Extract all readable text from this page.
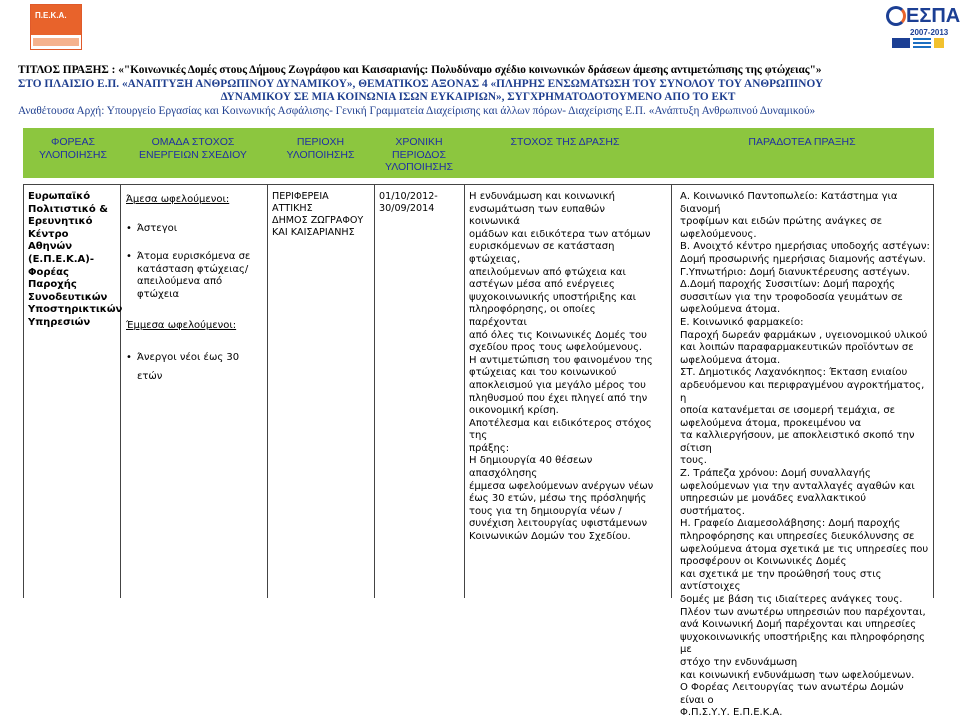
Π.Ε.Κ.Α.	ΕΣΠΑ
2007-2013
ΤΙΤΛΟΣ ΠΡΑΞΗΣ : «"Κοινωνικές Δομές στους Δήμους Ζωγράφου και Καισαριανής: Πολυδύναμο σχέδιο κοινωνικών δράσεων άμεσης αντιμετώπισης της φτώχειας"»
ΣΤΟ ΠΛΑΙΣΙΟ Ε.Π. «ΑΝΑΠΤΥΞΗ ΑΝΘΡΩΠΙΝΟΥ ΔΥΝΑΜΙΚΟΥ», ΘΕΜΑΤΙΚΟΣ ΑΞΟΝΑΣ 4 «ΠΛΗΡΗΣ ΕΝΣΩΜΑΤΩΣΗ ΤΟΥ ΣΥΝΟΛΟΥ ΤΟΥ ΑΝΘΡΩΠΙΝΟΥ
ΔΥΝΑΜΙΚΟΥ ΣΕ ΜΙΑ ΚΟΙΝΩΝΙΑ ΙΣΩΝ ΕΥΚΑΙΡΙΩΝ», ΣΥΓΧΡΗΜΑΤΟΔΟΤΟΥΜΕΝΟ ΑΠΟ ΤΟ ΕΚΤ
Αναθέτουσα Αρχή: Υπουργείο Εργασίας και Κοινωνικής Ασφάλισης- Γενική Γραμματεία Διαχείρισης και άλλων πόρων- Διαχείρισης Ε.Π. «Ανάπτυξη Ανθρωπινού Δυναμικού»
ΦΟΡΕΑΣ
ΥΛΟΠΟΙΗΣΗΣ
ΟΜΑΔΑ ΣΤΟΧΟΣ
ΕΝΕΡΓΕΙΩΝ ΣΧΕΔΙΟΥ
ΠΕΡΙΟΧΗ
ΥΛΟΠΟΙΗΣΗΣ
ΧΡΟΝΙΚΗ
ΠΕΡΙΟΔΟΣ
ΥΛΟΠΟΙΗΣΗΣ
ΣΤΟΧΟΣ ΤΗΣ ΔΡΑΣΗΣ	ΠΑΡΑΔΟΤΕΑ ΠΡΑΞΗΣ
Ευρωπαϊκό
Πολιτιστικό &
Ερευνητικό
Κέντρο Αθηνών
(Ε.Π.Ε.Κ.Α)-
Φορέας
Παροχής
Συνοδευτικών
Υποστηρικτικών
Υπηρεσιών
Άμεσα ωφελούμενοι:
• Άστεγοι
• Άτομα ευρισκόμενα σε κατάσταση φτώχειας/απειλούμενα από φτώχεια
Έμμεσα ωφελούμενοι:
• Άνεργοι νέοι έως 30 ετών
ΠΕΡΙΦΕΡΕΙΑ
ΑΤΤΙΚΗΣ
ΔΗΜΟΣ ΖΩΓΡΑΦΟΥ
ΚΑΙ ΚΑΙΣΑΡΙΑΝΗΣ
01/10/2012-
30/09/2014
Η ενδυνάμωση και κοινωνική
ενσωμάτωση των ευπαθών κοινωνικά
ομάδων και ειδικότερα των ατόμων
ευρισκόμενων σε κατάσταση φτώχειας,
απειλούμενων από φτώχεια και
αστέγων μέσα από ενέργειες
ψυχοκοινωνικής υποστήριξης και
πληροφόρησης, οι οποίες παρέχονται
από όλες τις Κοινωνικές Δομές του
σχεδίου προς τους ωφελούμενους.
Η αντιμετώπιση του φαινομένου της
φτώχειας και του κοινωνικού
αποκλεισμού για μεγάλο μέρος του
πληθυσμού που έχει πληγεί από την
οικονομική κρίση.
Αποτέλεσμα και ειδικότερος στόχος της
πράξης:
Η δημιουργία 40 θέσεων απασχόλησης
έμμεσα ωφελούμενων ανέργων νέων
έως 30 ετών, μέσω της πρόσληψής
τους για τη δημιουργία νέων /
συνέχιση λειτουργίας υφιστάμενων
Κοινωνικών Δομών του Σχεδίου.
Α. Κοινωνικό Παντοπωλείο: Κατάστημα για διανομή
τροφίμων και ειδών πρώτης ανάγκες σε
ωφελούμενους.
Β. Ανοιχτό κέντρο ημερήσιας υποδοχής αστέγων:
Δομή προσωρινής ημερήσιας διαμονής αστέγων.
Γ.Υπνωτήριο: Δομή διανυκτέρευσης αστέγων.
Δ.Δομή παροχής Συσσιτίων: Δομή παροχής
συσσιτίων για την τροφοδοσία γευμάτων σε
ωφελούμενα άτομα.
Ε. Κοινωνικό φαρμακείο:
Παροχή δωρεάν φαρμάκων , υγειονομικού υλικού
και λοιπών παραφαρμακευτικών προϊόντων σε
ωφελούμενα άτομα.
ΣΤ. Δημοτικός Λαχανόκηπος: Έκταση ενιαίου
αρδευόμενου και περιφραγμένου αγροκτήματος, η
οποία κατανέμεται σε ισομερή τεμάχια, σε
ωφελούμενα άτομα, προκειμένου να
τα καλλιεργήσουν, με αποκλειστικό σκοπό την σίτιση
τους.
Ζ. Τράπεζα χρόνου: Δομή συναλλαγής
ωφελούμενων για την ανταλλαγές αγαθών και
υπηρεσιών με μονάδες εναλλακτικού συστήματος.
Η. Γραφείο Διαμεσολάβησης: Δομή παροχής
πληροφόρησης και υπηρεσίες διευκόλυνσης σε
ωφελούμενα άτομα σχετικά με τις υπηρεσίες που
προσφέρουν οι Κοινωνικές Δομές
και σχετικά με την προώθησή τους στις αντίστοιχες
δομές με βάση τις ιδιαίτερες ανάγκες τους.
Πλέον των ανωτέρω υπηρεσιών που παρέχονται,
ανά Κοινωνική Δομή παρέχονται και υπηρεσίες
ψυχοκοινωνικής υποστήριξης και πληροφόρησης με
στόχο την ενδυνάμωση
και κοινωνική ενδυνάμωση των ωφελούμενων.
Ο Φορέας Λειτουργίας των ανωτέρω Δομών είναι ο
Φ.Π.Σ.Υ.Υ. Ε.Π.Ε.Κ.Α.
